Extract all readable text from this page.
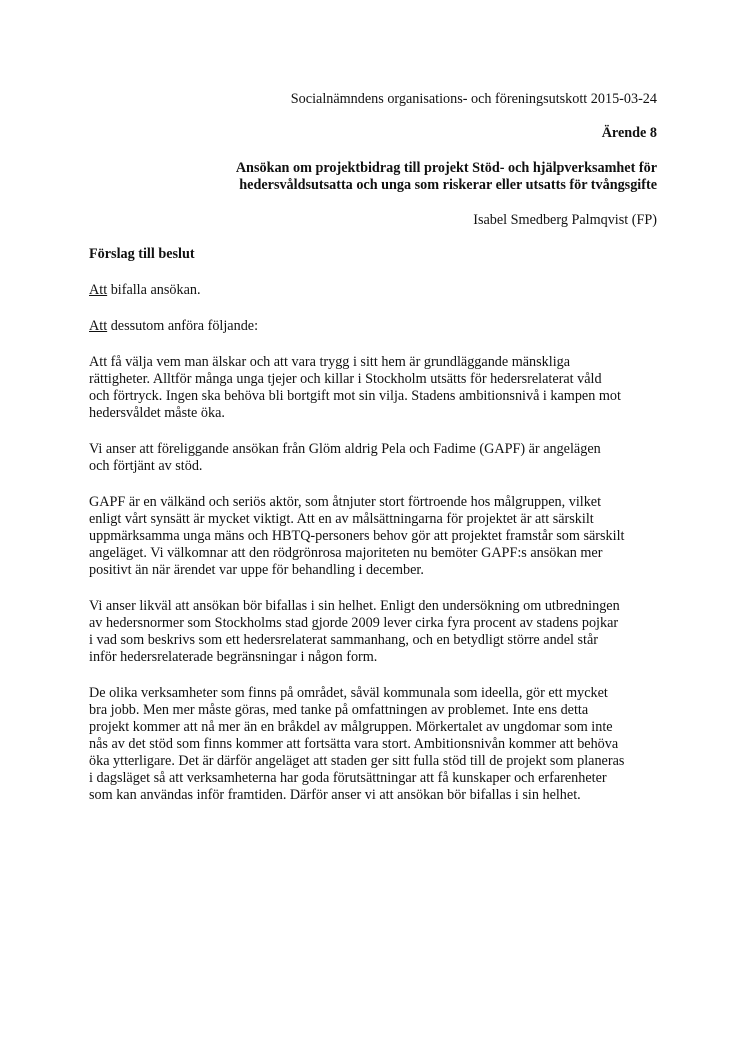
Socialnämndens organisations- och föreningsutskott 2015-03-24
Ärende 8
Ansökan om projektbidrag till projekt Stöd- och hjälpverksamhet för
hedersvåldsutsatta och unga som riskerar eller utsatts för tvångsgifte
Isabel Smedberg Palmqvist (FP)
Förslag till beslut

Att bifalla ansökan.

Att dessutom anföra följande:

Att få välja vem man älskar och att vara trygg i sitt hem är grundläggande mänskliga
rättigheter. Alltför många unga tjejer och killar i Stockholm utsätts för hedersrelaterat våld
och förtryck. Ingen ska behöva bli bortgift mot sin vilja. Stadens ambitionsnivå i kampen mot
hedersvåldet måste öka.

Vi anser att föreliggande ansökan från Glöm aldrig Pela och Fadime (GAPF) är angelägen
och förtjänt av stöd.

GAPF är en välkänd och seriös aktör, som åtnjuter stort förtroende hos målgruppen, vilket
enligt vårt synsätt är mycket viktigt. Att en av målsättningarna för projektet är att särskilt
uppmärksamma unga mäns och HBTQ-personers behov gör att projektet framstår som särskilt
angeläget. Vi välkomnar att den rödgrönrosa majoriteten nu bemöter GAPF:s ansökan mer
positivt än när ärendet var uppe för behandling i december.

Vi anser likväl att ansökan bör bifallas i sin helhet. Enligt den undersökning om utbredningen
av hedersnormer som Stockholms stad gjorde 2009 lever cirka fyra procent av stadens pojkar
i vad som beskrivs som ett hedersrelaterat sammanhang, och en betydligt större andel står
inför hedersrelaterade begränsningar i någon form.

De olika verksamheter som finns på området, såväl kommunala som ideella, gör ett mycket
bra jobb. Men mer måste göras, med tanke på omfattningen av problemet. Inte ens detta
projekt kommer att nå mer än en bråkdel av målgruppen. Mörkertalet av ungdomar som inte
nås av det stöd som finns kommer att fortsätta vara stort. Ambitionsnivån kommer att behöva
öka ytterligare. Det är därför angeläget att staden ger sitt fulla stöd till de projekt som planeras
i dagsläget så att verksamheterna har goda förutsättningar att få kunskaper och erfarenheter
som kan användas inför framtiden. Därför anser vi att ansökan bör bifallas i sin helhet.
